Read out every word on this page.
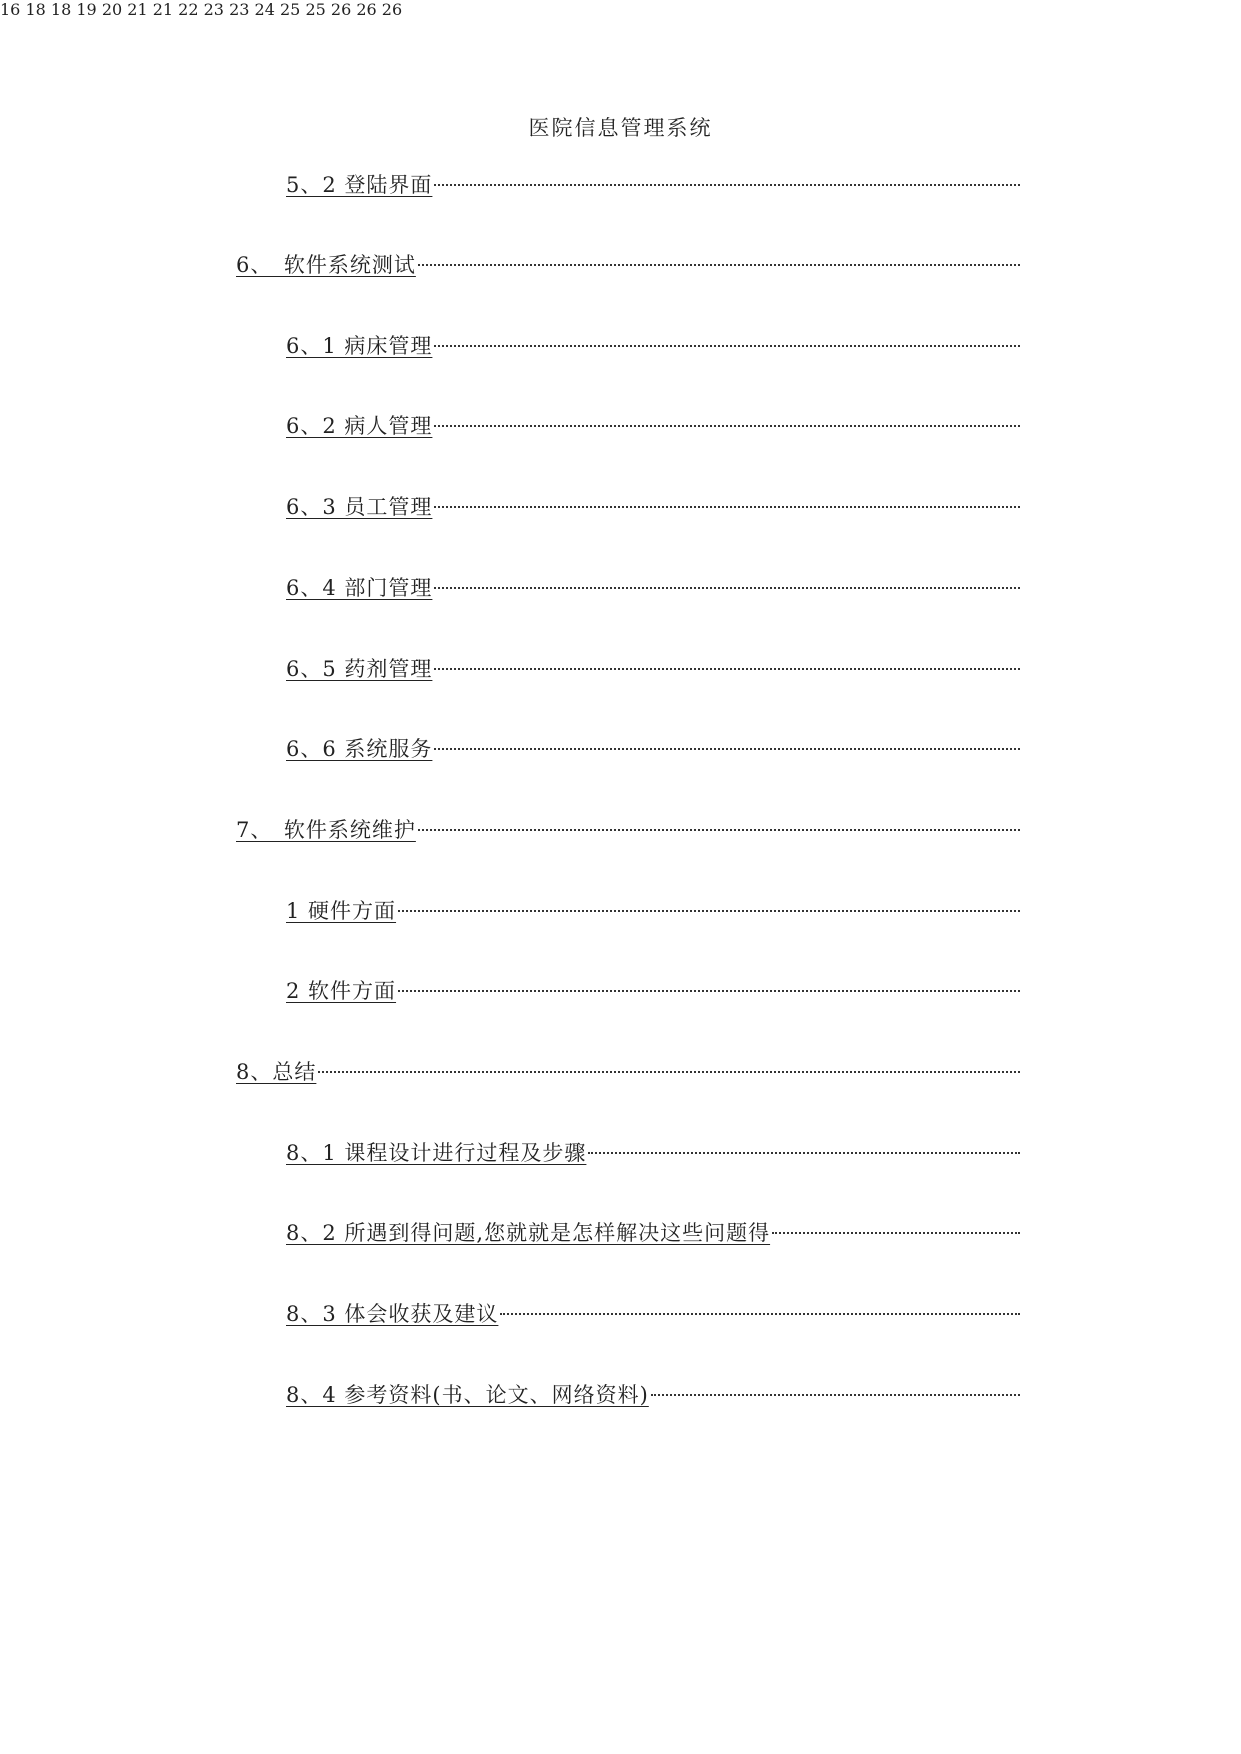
医院信息管理系统
5、2 登陆界面
6、　软件系统测试
6、1 病床管理
6、2 病人管理
6、3 员工管理
6、4 部门管理
6、5 药剂管理
6、6 系统服务
7、　软件系统维护
1 硬件方面
2 软件方面
8、总结
8、1 课程设计进行过程及步骤
8、2 所遇到得问题,您就就是怎样解决这些问题得
8、3 体会收获及建议
8、4 参考资料(书、论文、网络资料)
16 18 18 19 20 21 21 22 23 23 24 25 25 26 26 26
